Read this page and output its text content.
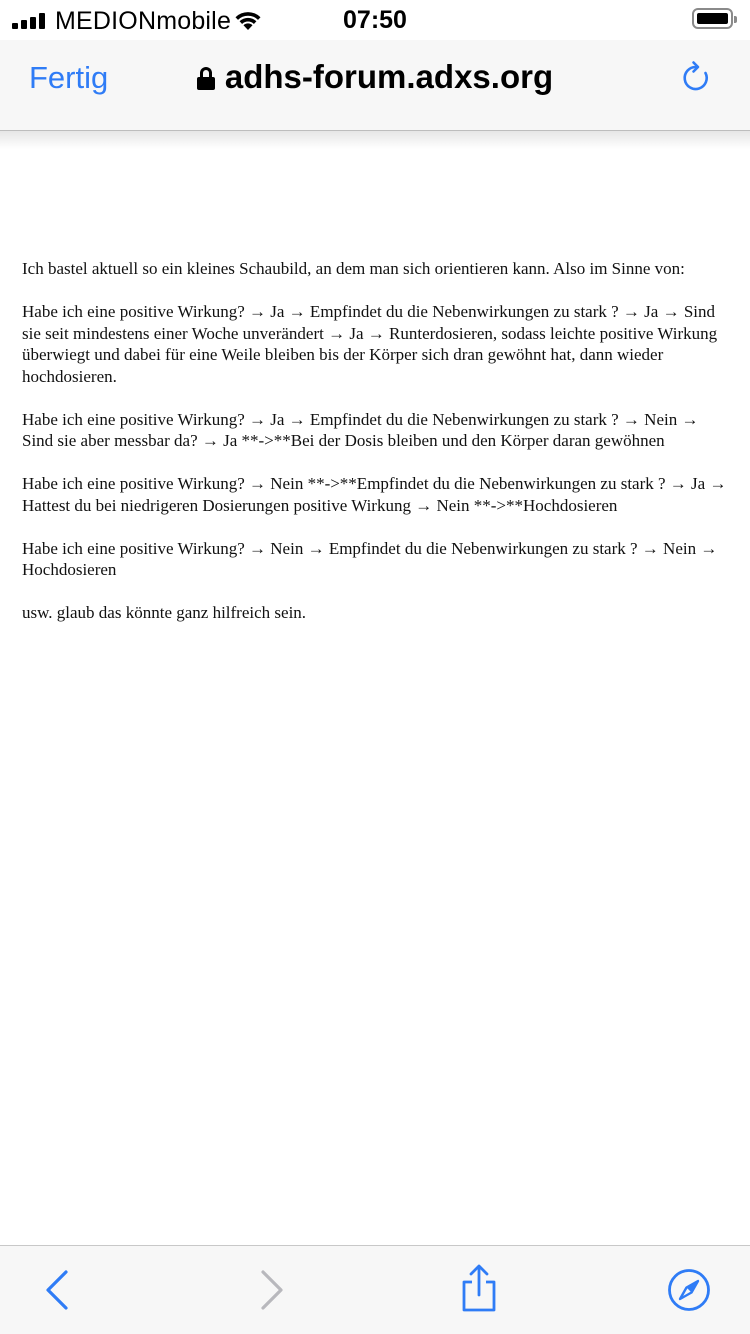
MEDIONmobile	07:50
Fertig	adhs-forum.adxs.org

Ich bastel aktuell so ein kleines Schaubild, an dem man sich orientieren kann. Also im Sinne von:

Habe ich eine positive Wirkung? → Ja → Empfindet du die Nebenwirkungen zu stark ? → Ja → Sind sie seit mindestens einer Woche unverändert → Ja → Runterdosieren, sodass leichte positive Wirkung überwiegt und dabei für eine Weile bleiben bis der Körper sich dran gewöhnt hat, dann wieder hochdosieren.

Habe ich eine positive Wirkung? → Ja → Empfindet du die Nebenwirkungen zu stark ? → Nein → Sind sie aber messbar da? → Ja **->**Bei der Dosis bleiben und den Körper daran gewöhnen

Habe ich eine positive Wirkung? → Nein **->**Empfindet du die Nebenwirkungen zu stark ? → Ja → Hattest du bei niedrigeren Dosierungen positive Wirkung → Nein **->**Hochdosieren

Habe ich eine positive Wirkung? → Nein → Empfindet du die Nebenwirkungen zu stark ? → Nein → Hochdosieren

usw. glaub das könnte ganz hilfreich sein.
